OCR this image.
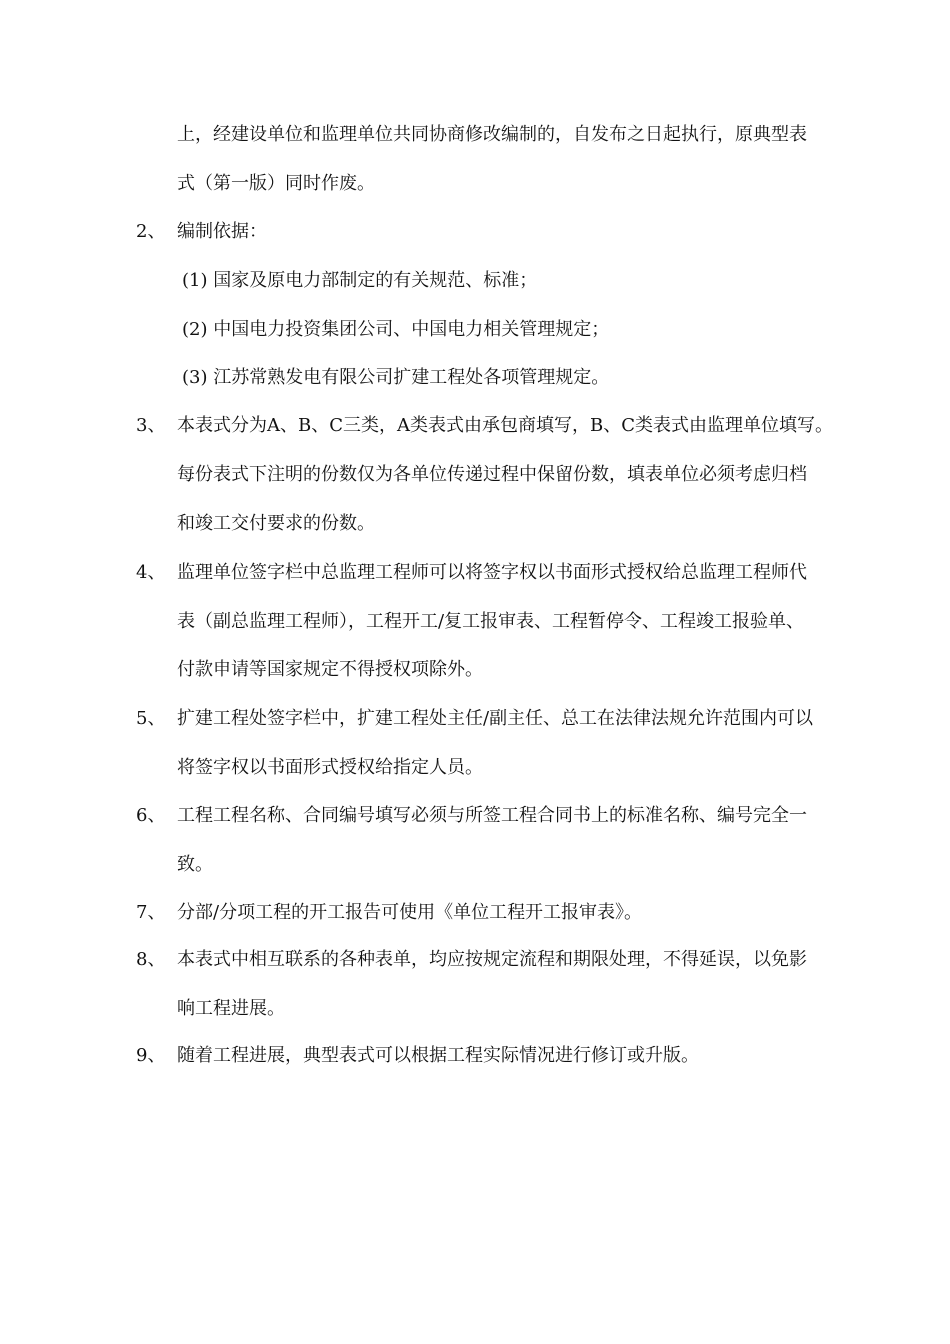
上，经建设单位和监理单位共同协商修改编制的，自发布之日起执行，原典型表
式（第一版）同时作废。
2、 编制依据：
(1) 国家及原电力部制定的有关规范、标准；
(2) 中国电力投资集团公司、中国电力相关管理规定；
(3) 江苏常熟发电有限公司扩建工程处各项管理规定。
3、 本表式分为A、B、C三类，A类表式由承包商填写，B、C类表式由监理单位填写。
每份表式下注明的份数仅为各单位传递过程中保留份数，填表单位必须考虑归档
和竣工交付要求的份数。
4、 监理单位签字栏中总监理工程师可以将签字权以书面形式授权给总监理工程师代
表（副总监理工程师），工程开工/复工报审表、工程暂停令、工程竣工报验单、
付款申请等国家规定不得授权项除外。
5、 扩建工程处签字栏中，扩建工程处主任/副主任、总工在法律法规允许范围内可以
将签字权以书面形式授权给指定人员。
6、 工程工程名称、合同编号填写必须与所签工程合同书上的标准名称、编号完全一
致。
7、 分部/分项工程的开工报告可使用《单位工程开工报审表》。
8、 本表式中相互联系的各种表单，均应按规定流程和期限处理，不得延误，以免影
响工程进展。
9、 随着工程进展，典型表式可以根据工程实际情况进行修订或升版。
